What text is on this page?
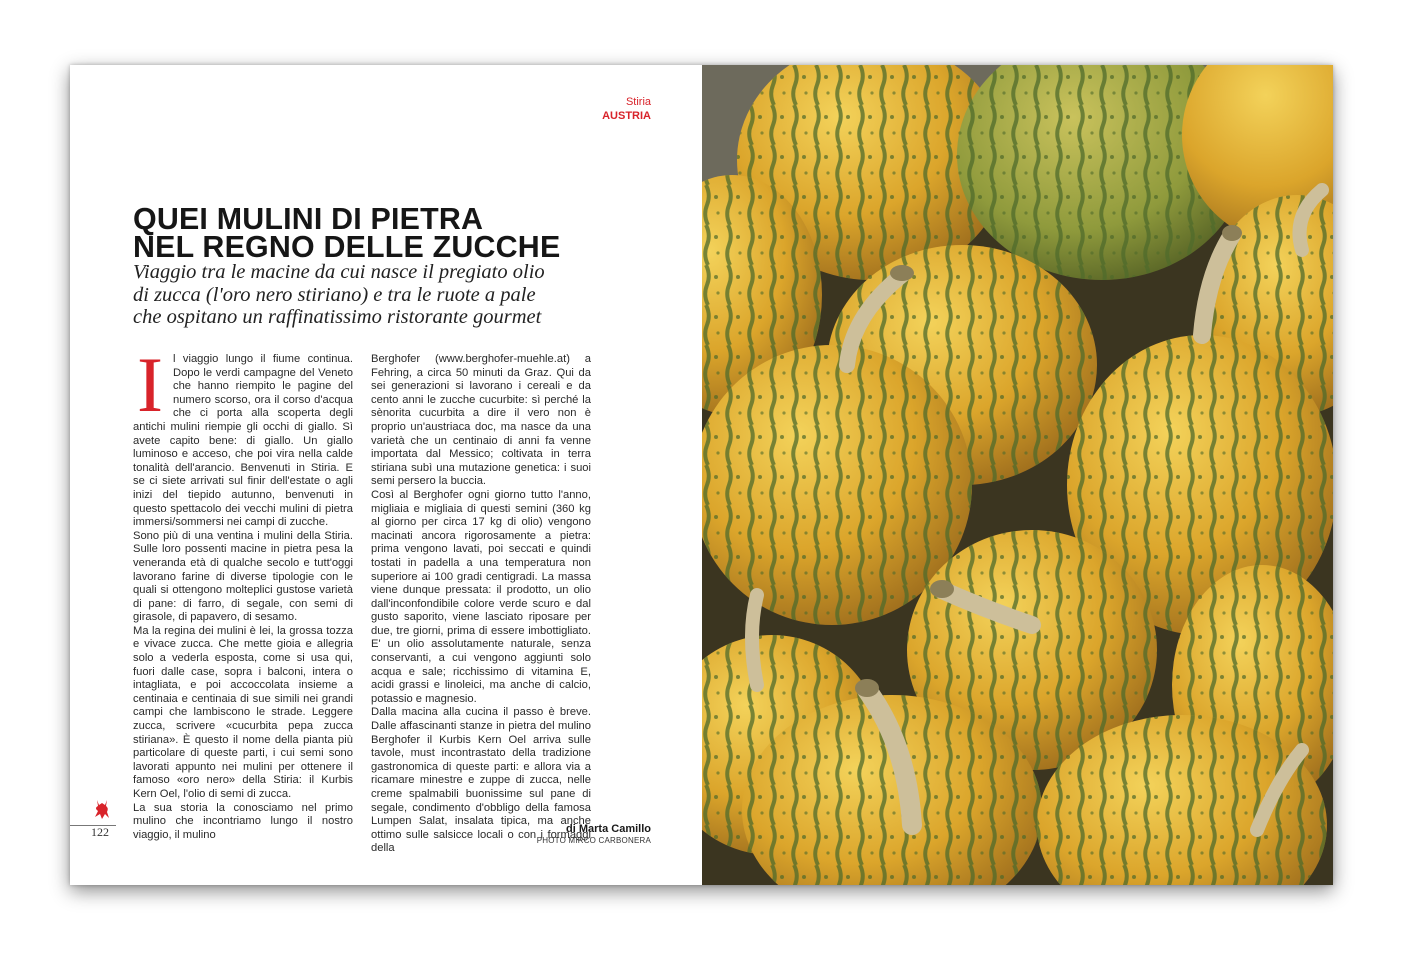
Stiria
AUSTRIA
QUEI MULINI DI PIETRA
NEL REGNO DELLE ZUCCHE
Viaggio tra le macine da cui nasce il pregiato olio
di zucca (l'oro nero stiriano) e tra le ruote a pale
che ospitano un raffinatissimo ristorante gourmet
I l viaggio lungo il fiume continua. Dopo le verdi campagne del Veneto che hanno riempito le pagine del numero scorso, ora il corso d'acqua che ci porta alla scoperta degli antichi mulini riempie gli occhi di giallo. Sì avete capito bene: di giallo. Un giallo luminoso e acceso, che poi vira nella calde tonalità dell'arancio. Benvenuti in Stiria. E se ci siete arrivati sul finir dell'estate o agli inizi del tiepido autunno, benvenuti in questo spettacolo dei vecchi mulini di pietra immersi/sommersi nei campi di zucche.

Sono più di una ventina i mulini della Stiria. Sulle loro possenti macine in pietra pesa la veneranda età di qualche secolo e tutt'oggi lavorano farine di diverse tipologie con le quali si ottengono molteplici gustose varietà di pane: di farro, di segale, con semi di girasole, di papavero, di sesamo.

Ma la regina dei mulini è lei, la grossa tozza e vivace zucca. Che mette gioia e allegria solo a vederla esposta, come si usa qui, fuori dalle case, sopra i balconi, intera o intagliata, e poi accoccolata insieme a centinaia e centinaia di sue simili nei grandi campi che lambiscono le strade. Leggere zucca, scrivere «cucurbita pepa zucca stiriana». È questo il nome della pianta più particolare di queste parti, i cui semi sono lavorati appunto nei mulini per ottenere il famoso «oro nero» della Stiria: il Kurbis Kern Oel, l'olio di semi di zucca.

La sua storia la conosciamo nel primo mulino che incontriamo lungo il nostro viaggio, il mulino

Berghofer (www.berghofer-muehle.at) a Fehring, a circa 50 minuti da Graz. Qui da sei generazioni si lavorano i cereali e da cento anni le zucche cucurbite: sì perché la sènorita cucurbita a dire il vero non è proprio un'austriaca doc, ma nasce da una varietà che un centinaio di anni fa venne importata dal Messico; coltivata in terra stiriana subì una mutazione genetica: i suoi semi persero la buccia.

Così al Berghofer ogni giorno tutto l'anno, migliaia e migliaia di questi semini (360 kg al giorno per circa 17 kg di olio) vengono macinati ancora rigorosamente a pietra: prima vengono lavati, poi seccati e quindi tostati in padella a una temperatura non superiore ai 100 gradi centigradi. La massa viene dunque pressata: il prodotto, un olio dall'inconfondibile colore verde scuro e dal gusto saporito, viene lasciato riposare per due, tre giorni, prima di essere imbottigliato. E' un olio assolutamente naturale, senza conservanti, a cui vengono aggiunti solo acqua e sale; ricchissimo di vitamina E, acidi grassi e linoleici, ma anche di calcio, potassio e magnesio.

Dalla macina alla cucina il passo è breve. Dalle affascinanti stanze in pietra del mulino Berghofer il Kurbis Kern Oel arriva sulle tavole, must incontrastato della tradizione gastronomica di queste parti: e allora via a ricamare minestre e zuppe di zucca, nelle creme spalmabili buonissime sul pane di segale, condimento d'obbligo della famosa Lumpen Salat, insalata tipica, ma anche ottimo sulle salsicce locali o con i formaggi della

122	di Marta Camillo
PHOTO MIRCO CARBONERA
